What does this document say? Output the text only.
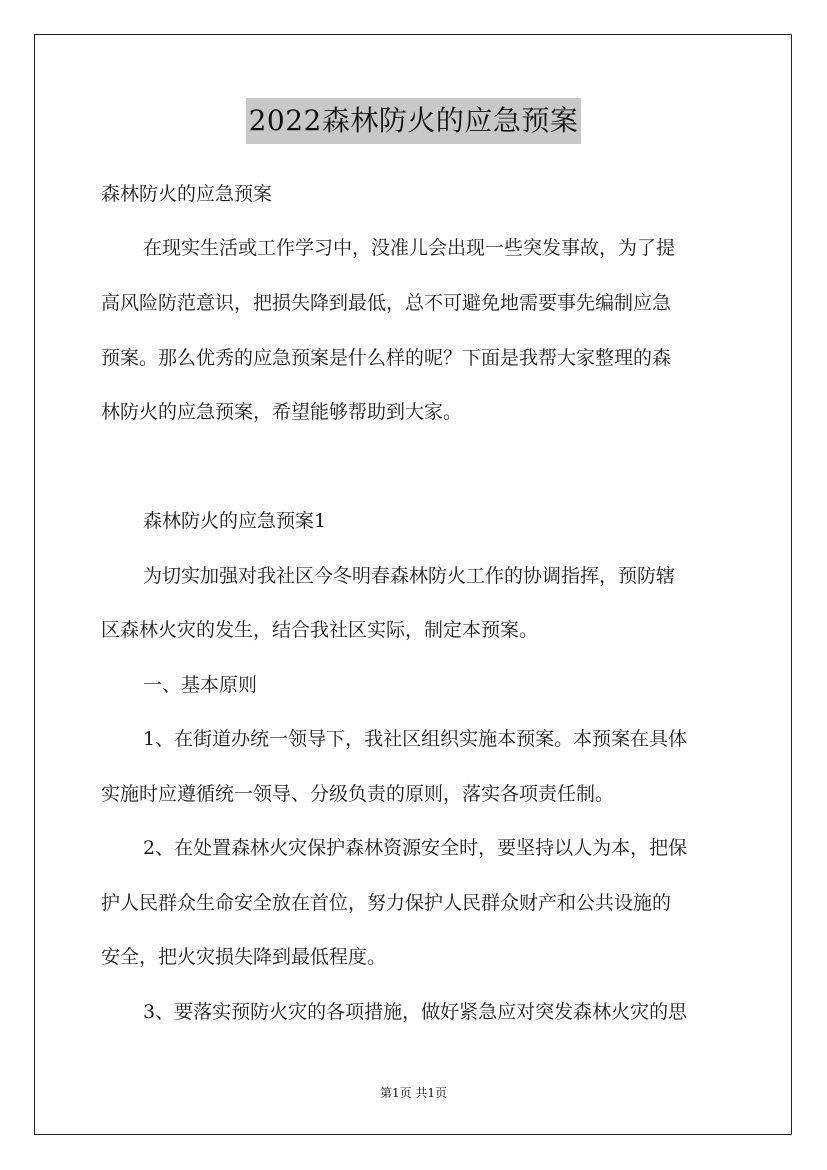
2022森林防火的应急预案
森林防火的应急预案
在现实生活或工作学习中，没准儿会出现一些突发事故，为了提
高风险防范意识，把损失降到最低，总不可避免地需要事先编制应急
预案。那么优秀的应急预案是什么样的呢？下面是我帮大家整理的森
林防火的应急预案，希望能够帮助到大家。
森林防火的应急预案1
为切实加强对我社区今冬明春森林防火工作的协调指挥，预防辖
区森林火灾的发生，结合我社区实际，制定本预案。
一、基本原则
1、在街道办统一领导下，我社区组织实施本预案。本预案在具体
实施时应遵循统一领导、分级负责的原则，落实各项责任制。
2、在处置森林火灾保护森林资源安全时，要坚持以人为本，把保
护人民群众生命安全放在首位，努力保护人民群众财产和公共设施的
安全，把火灾损失降到最低程度。
3、要落实预防火灾的各项措施，做好紧急应对突发森林火灾的思
第1页 共1页
